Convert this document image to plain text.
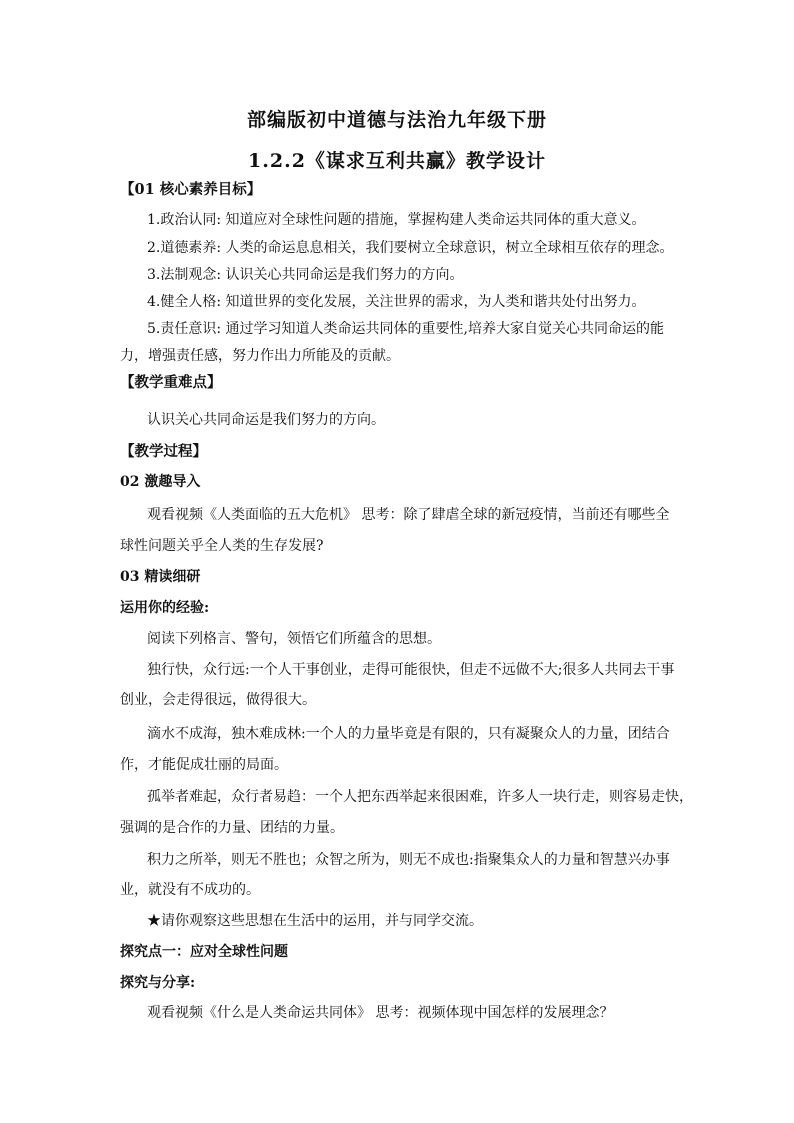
部编版初中道德与法治九年级下册
1.2.2《谋求互利共赢》教学设计
【01 核心素养目标】
1.政治认同: 知道应对全球性问题的措施，掌握构建人类命运共同体的重大意义。
2.道德素养: 人类的命运息息相关，我们要树立全球意识，树立全球相互依存的理念。
3.法制观念: 认识关心共同命运是我们努力的方向。
4.健全人格: 知道世界的变化发展，关注世界的需求，为人类和谐共处付出努力。
5.责任意识: 通过学习知道人类命运共同体的重要性,培养大家自觉关心共同命运的能
力，增强责任感，努力作出力所能及的贡献。
【教学重难点】
认识关心共同命运是我们努力的方向。
【教学过程】
02 激趣导入
观看视频《人类面临的五大危机》 思考：除了肆虐全球的新冠疫情，当前还有哪些全
球性问题关乎全人类的生存发展?
03 精读细研
运用你的经验:
阅读下列格言、警句，领悟它们所蕴含的思想。
独行快，众行远:一个人干事创业，走得可能很快，但走不远做不大;很多人共同去干事
创业，会走得很远，做得很大。
滴水不成海，独木难成林:一个人的力量毕竟是有限的，只有凝聚众人的力量，团结合
作，才能促成壮丽的局面。
孤举者难起，众行者易趋：一个人把东西举起来很困难，许多人一块行走，则容易走快，
强调的是合作的力量、团结的力量。
积力之所举，则无不胜也；众智之所为，则无不成也:指聚集众人的力量和智慧兴办事
业，就没有不成功的。
★请你观察这些思想在生活中的运用，并与同学交流。
探究点一：应对全球性问题
探究与分享:
观看视频《什么是人类命运共同体》 思考：视频体现中国怎样的发展理念？
